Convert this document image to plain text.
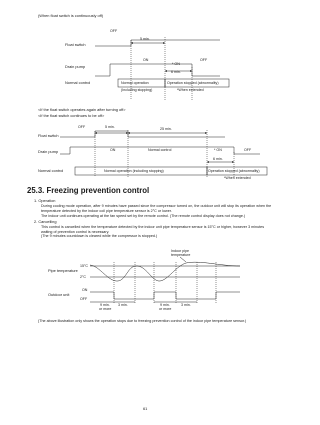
(When float switch is continuously off)
OFF
5 min.
Float switch
Drain pump
ON
* ON
OFF
6 min.
Normal control	Normal operation	Operation stopped (abnormality)
(Including stopping)	*When extended
<If the float switch operates again after turning off>
<If the float switch continues to be off>
OFF	5 min.	25 min.
Float switch
Drain pump	ON	Normal control	* ON	OFF
6 min.
Normal control	Normal operation (including stopping)	Operation stopped (abnormality)
*When extended
25.3. Freezing prevention control
1. Operation
During cooling mode operation, after 9 minutes have passed since the compressor turned on, the outdoor unit will stop its operation when the temperature detected by the indoor coil pipe temperature sensor is 2°C or lower.
The indoor unit continues operating at the fan speed set by the remote control. (The remote control display does not change.)
2. Cancelling
This control is cancelled when the temperature detected by the indoor unit pipe temperature sensor is 15°C or higher, however 3 minutes waiting of prevention control is necessary.
(The 9 minutes countdown is cleared while the compressor is stopped.)
Indoor pipe
temperature
Pipe temperature
15°C
2°C
Outdoor unit
ON
OFF
9 min.
or more
3 min.	9 min.
or more
3 min.
(The above illustration only shows the operation stops due to freezing prevention control of the indoor pipe temperature sensor.)
61
